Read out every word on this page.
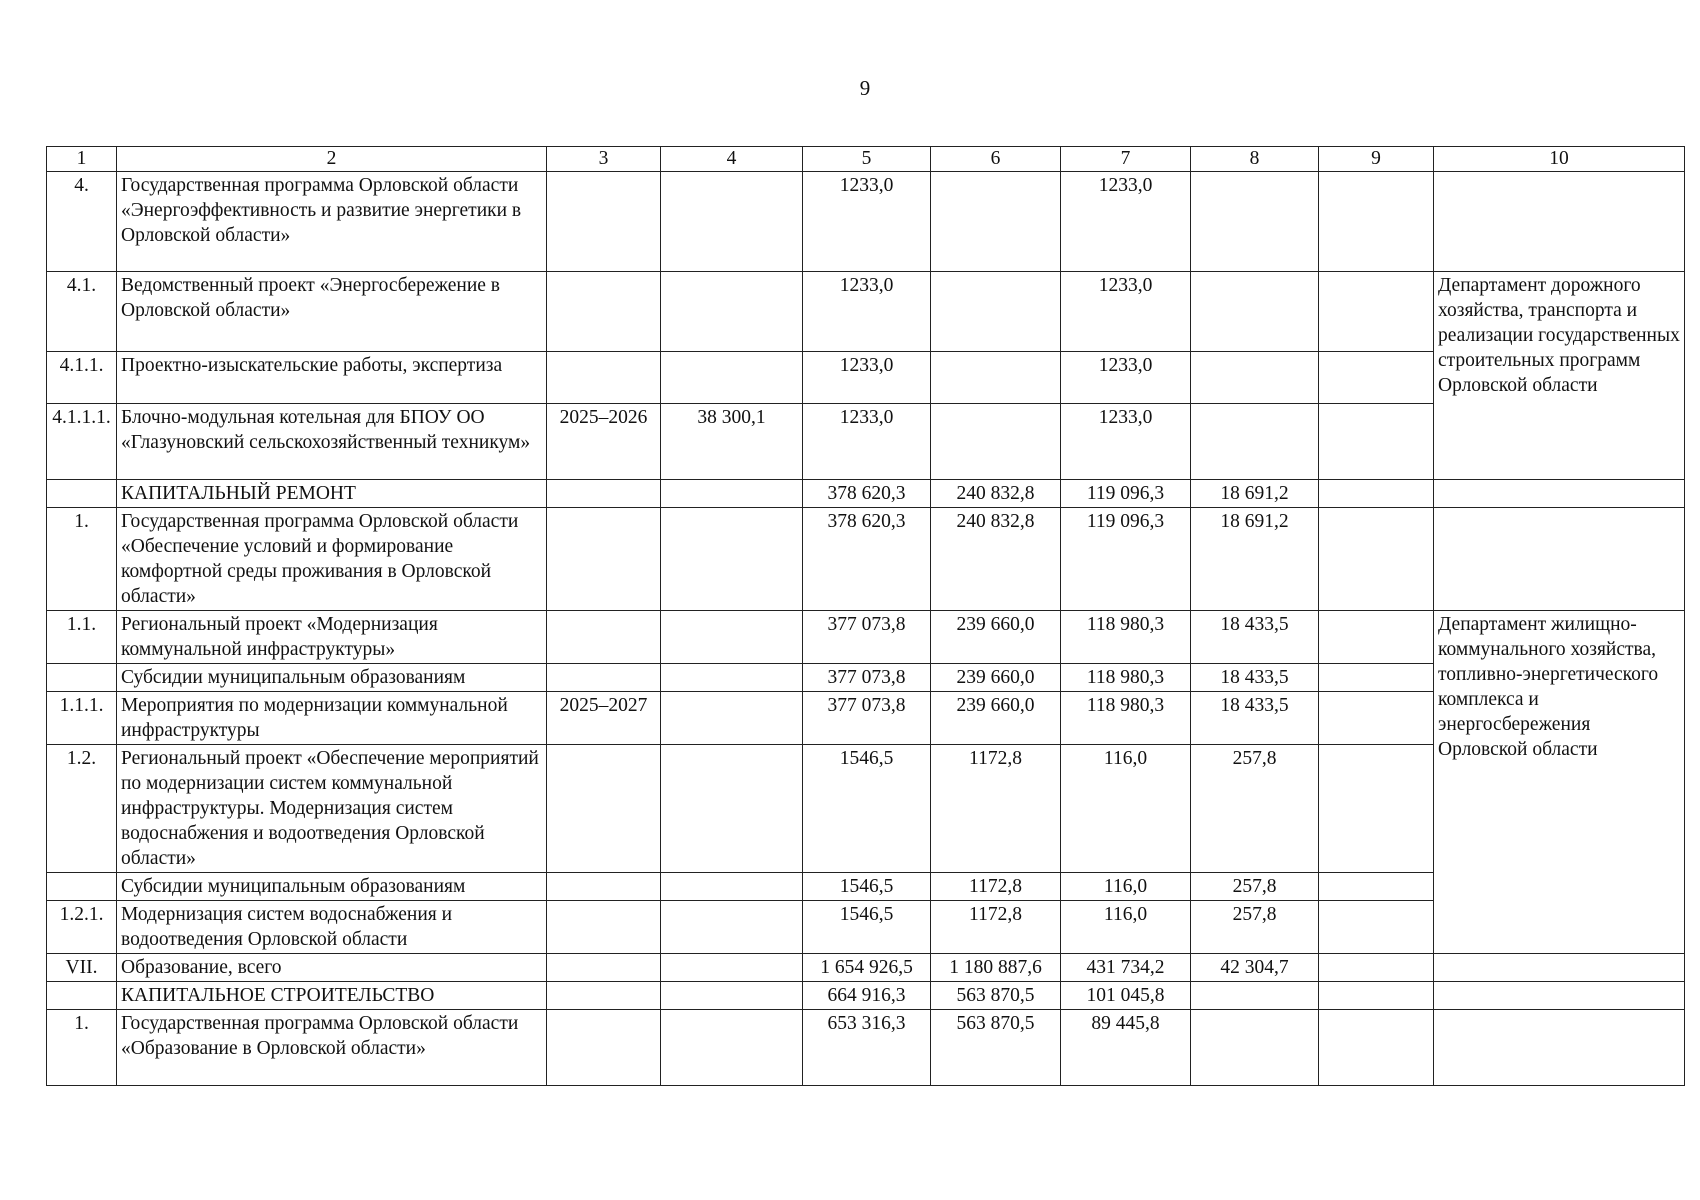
9
1	2	3	4	5	6	7	8	9	10
4.	Государственная программа Орловской области «Энергоэффективность и развитие энергетики в Орловской области»			1233,0		1233,0			
4.1.	Ведомственный проект «Энергосбережение в Орловской области»			1233,0		1233,0			Департамент дорожного хозяйства, транспорта и реализации государственных строительных программ Орловской области
4.1.1.	Проектно-изыскательские работы, экспертиза			1233,0		1233,0			
4.1.1.1.	Блочно-модульная котельная для БПОУ ОО «Глазуновский сельскохозяйственный техникум»	2025–2026	38 300,1	1233,0		1233,0			
	КАПИТАЛЬНЫЙ РЕМОНТ			378 620,3	240 832,8	119 096,3	18 691,2		
1.	Государственная программа Орловской области «Обеспечение условий и формирование комфортной среды проживания в Орловской области»			378 620,3	240 832,8	119 096,3	18 691,2		
1.1.	Региональный проект «Модернизация коммунальной инфраструктуры»			377 073,8	239 660,0	118 980,3	18 433,5		Департамент жилищно-коммунального хозяйства, топливно-энергетического комплекса и энергосбережения Орловской области
	Субсидии муниципальным образованиям			377 073,8	239 660,0	118 980,3	18 433,5		
1.1.1.	Мероприятия по модернизации коммунальной инфраструктуры	2025–2027		377 073,8	239 660,0	118 980,3	18 433,5		
1.2.	Региональный проект «Обеспечение мероприятий по модернизации систем коммунальной инфраструктуры. Модернизация систем водоснабжения и водоотведения Орловской области»			1546,5	1172,8	116,0	257,8		
	Субсидии муниципальным образованиям			1546,5	1172,8	116,0	257,8		
1.2.1.	Модернизация систем водоснабжения и водоотведения Орловской области			1546,5	1172,8	116,0	257,8		
VII.	Образование, всего			1 654 926,5	1 180 887,6	431 734,2	42 304,7		
	КАПИТАЛЬНОЕ СТРОИТЕЛЬСТВО			664 916,3	563 870,5	101 045,8			
1.	Государственная программа Орловской области «Образование в Орловской области»			653 316,3	563 870,5	89 445,8			
